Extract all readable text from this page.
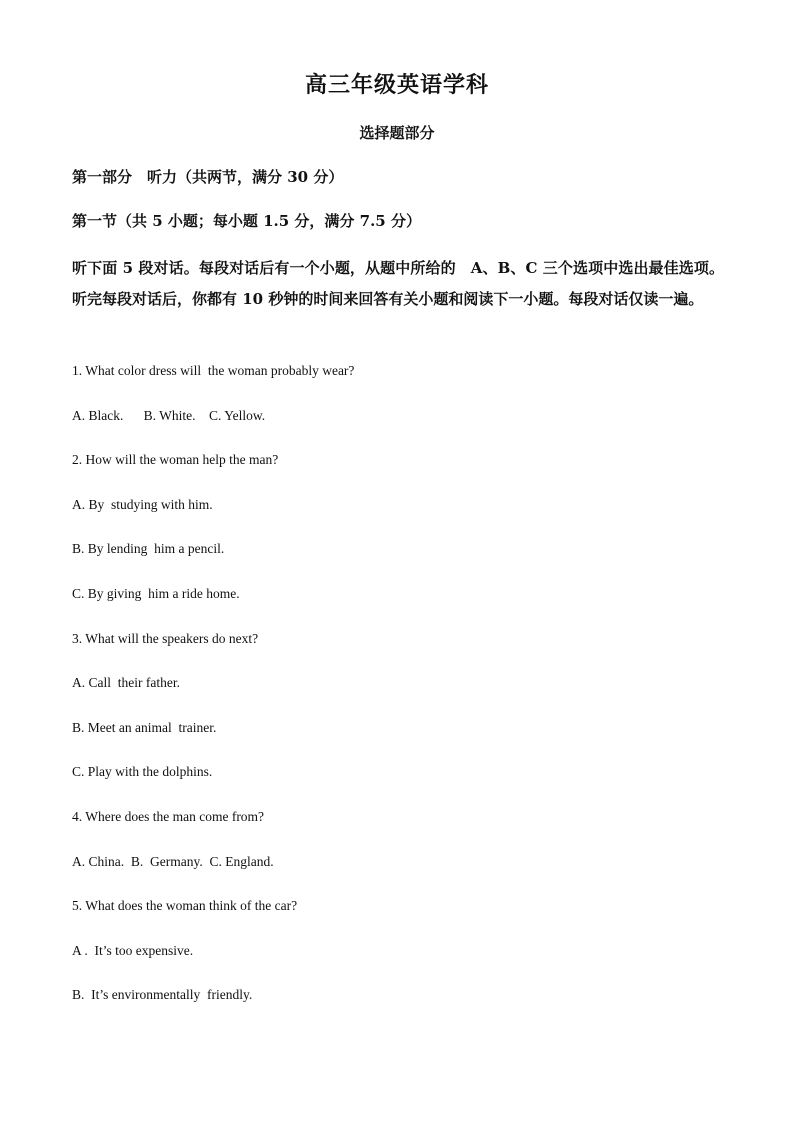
高三年级英语学科
选择题部分
第一部分　听力（共两节，满分 30 分）
第一节（共 5 小题；每小题 1.5 分，满分 7.5 分）
听下面 5 段对话。每段对话后有一个小题，从题中所给的　A、B、C 三个选项中选出最佳选项。听完每段对话后，你都有 10 秒钟的时间来回答有关小题和阅读下一小题。每段对话仅读一遍。
1. What color dress will  the woman probably wear?
A. Black.      B. White.    C. Yellow.
2. How will the woman help the man?
A. By  studying with him.
B. By lending  him a pencil.
C. By giving  him a ride home.
3. What will the speakers do next?
A. Call  their father.
B. Meet an animal  trainer.
C. Play with the dolphins.
4. Where does the man come from?
A. China.  B.  Germany.  C. England.
5. What does the woman think of the car?
A .  It’s too expensive.
B.  It’s environmentally  friendly.
